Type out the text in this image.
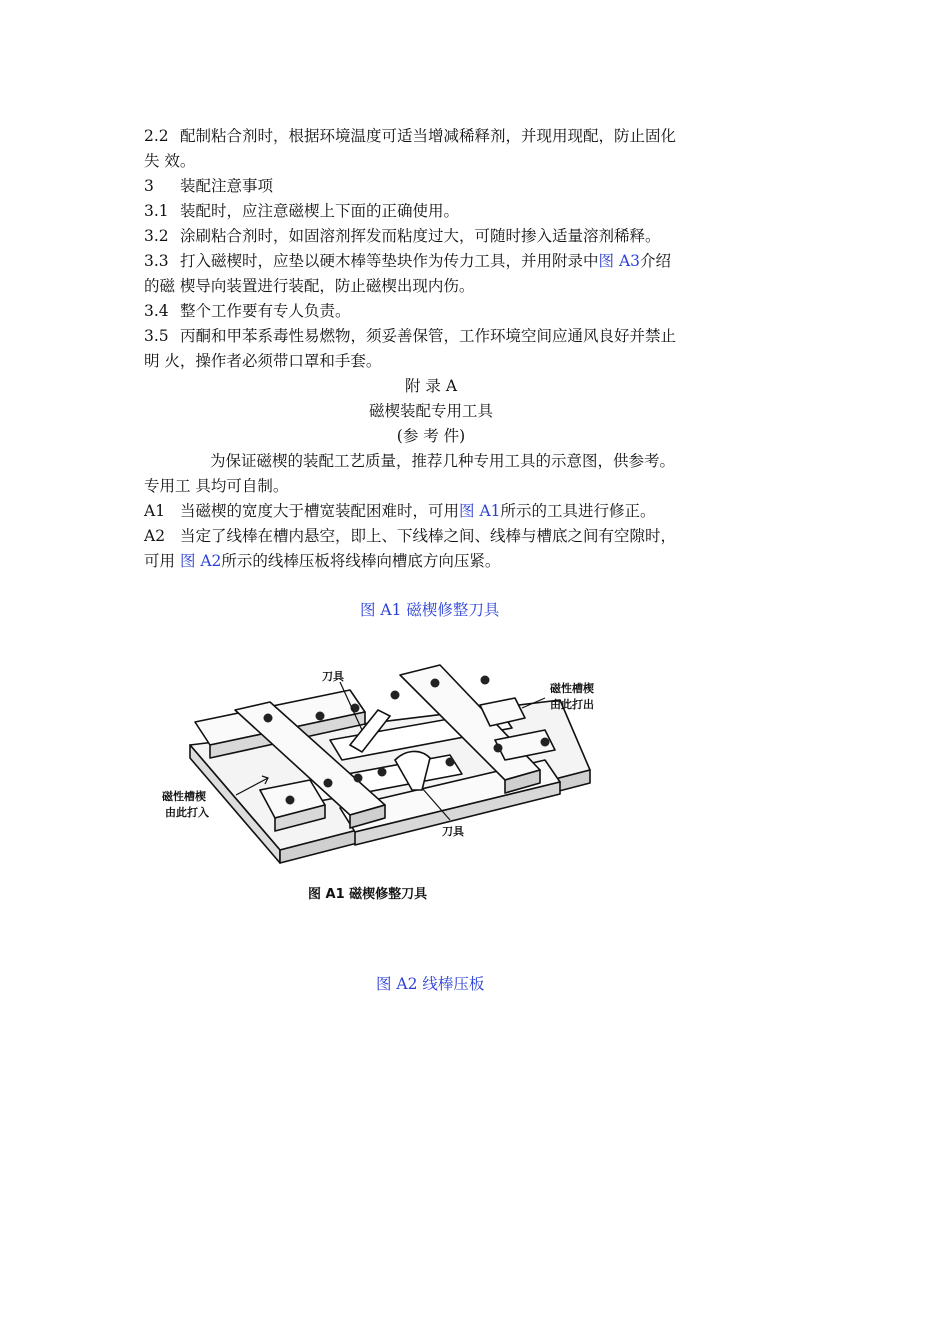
2.2 配制粘合剂时，根据环境温度可适当增减稀释剂，并现用现配，防止固化
失 效。
3 装配注意事项
3.1 装配时，应注意磁楔上下面的正确使用。
3.2 涂刷粘合剂时，如固溶剂挥发而粘度过大，可随时掺入适量溶剂稀释。
3.3 打入磁楔时，应垫以硬木棒等垫块作为传力工具，并用附录中图 A3介绍
的磁 楔导向装置进行装配，防止磁楔出现内伤。
3.4 整个工作要有专人负责。
3.5 丙酮和甲苯系毒性易燃物，须妥善保管，工作环境空间应通风良好并禁止
明 火，操作者必须带口罩和手套。
附 录 A
磁楔装配专用工具
(参 考 件)
为保证磁楔的装配工艺质量，推荐几种专用工具的示意图，供参考。
专用工 具均可自制。
A1 当磁楔的宽度大于槽宽装配困难时，可用图 A1所示的工具进行修正。
A2 当定了线棒在槽内悬空，即上、下线棒之间、线棒与槽底之间有空隙时，
可用 图 A2所示的线棒压板将线棒向槽底方向压紧。
图 A1 磁楔修整刀具
刀具
磁性槽楔
由此打出
磁性槽楔
由此打入
刀具
图 A1 磁楔修整刀具
图 A2 线棒压板
